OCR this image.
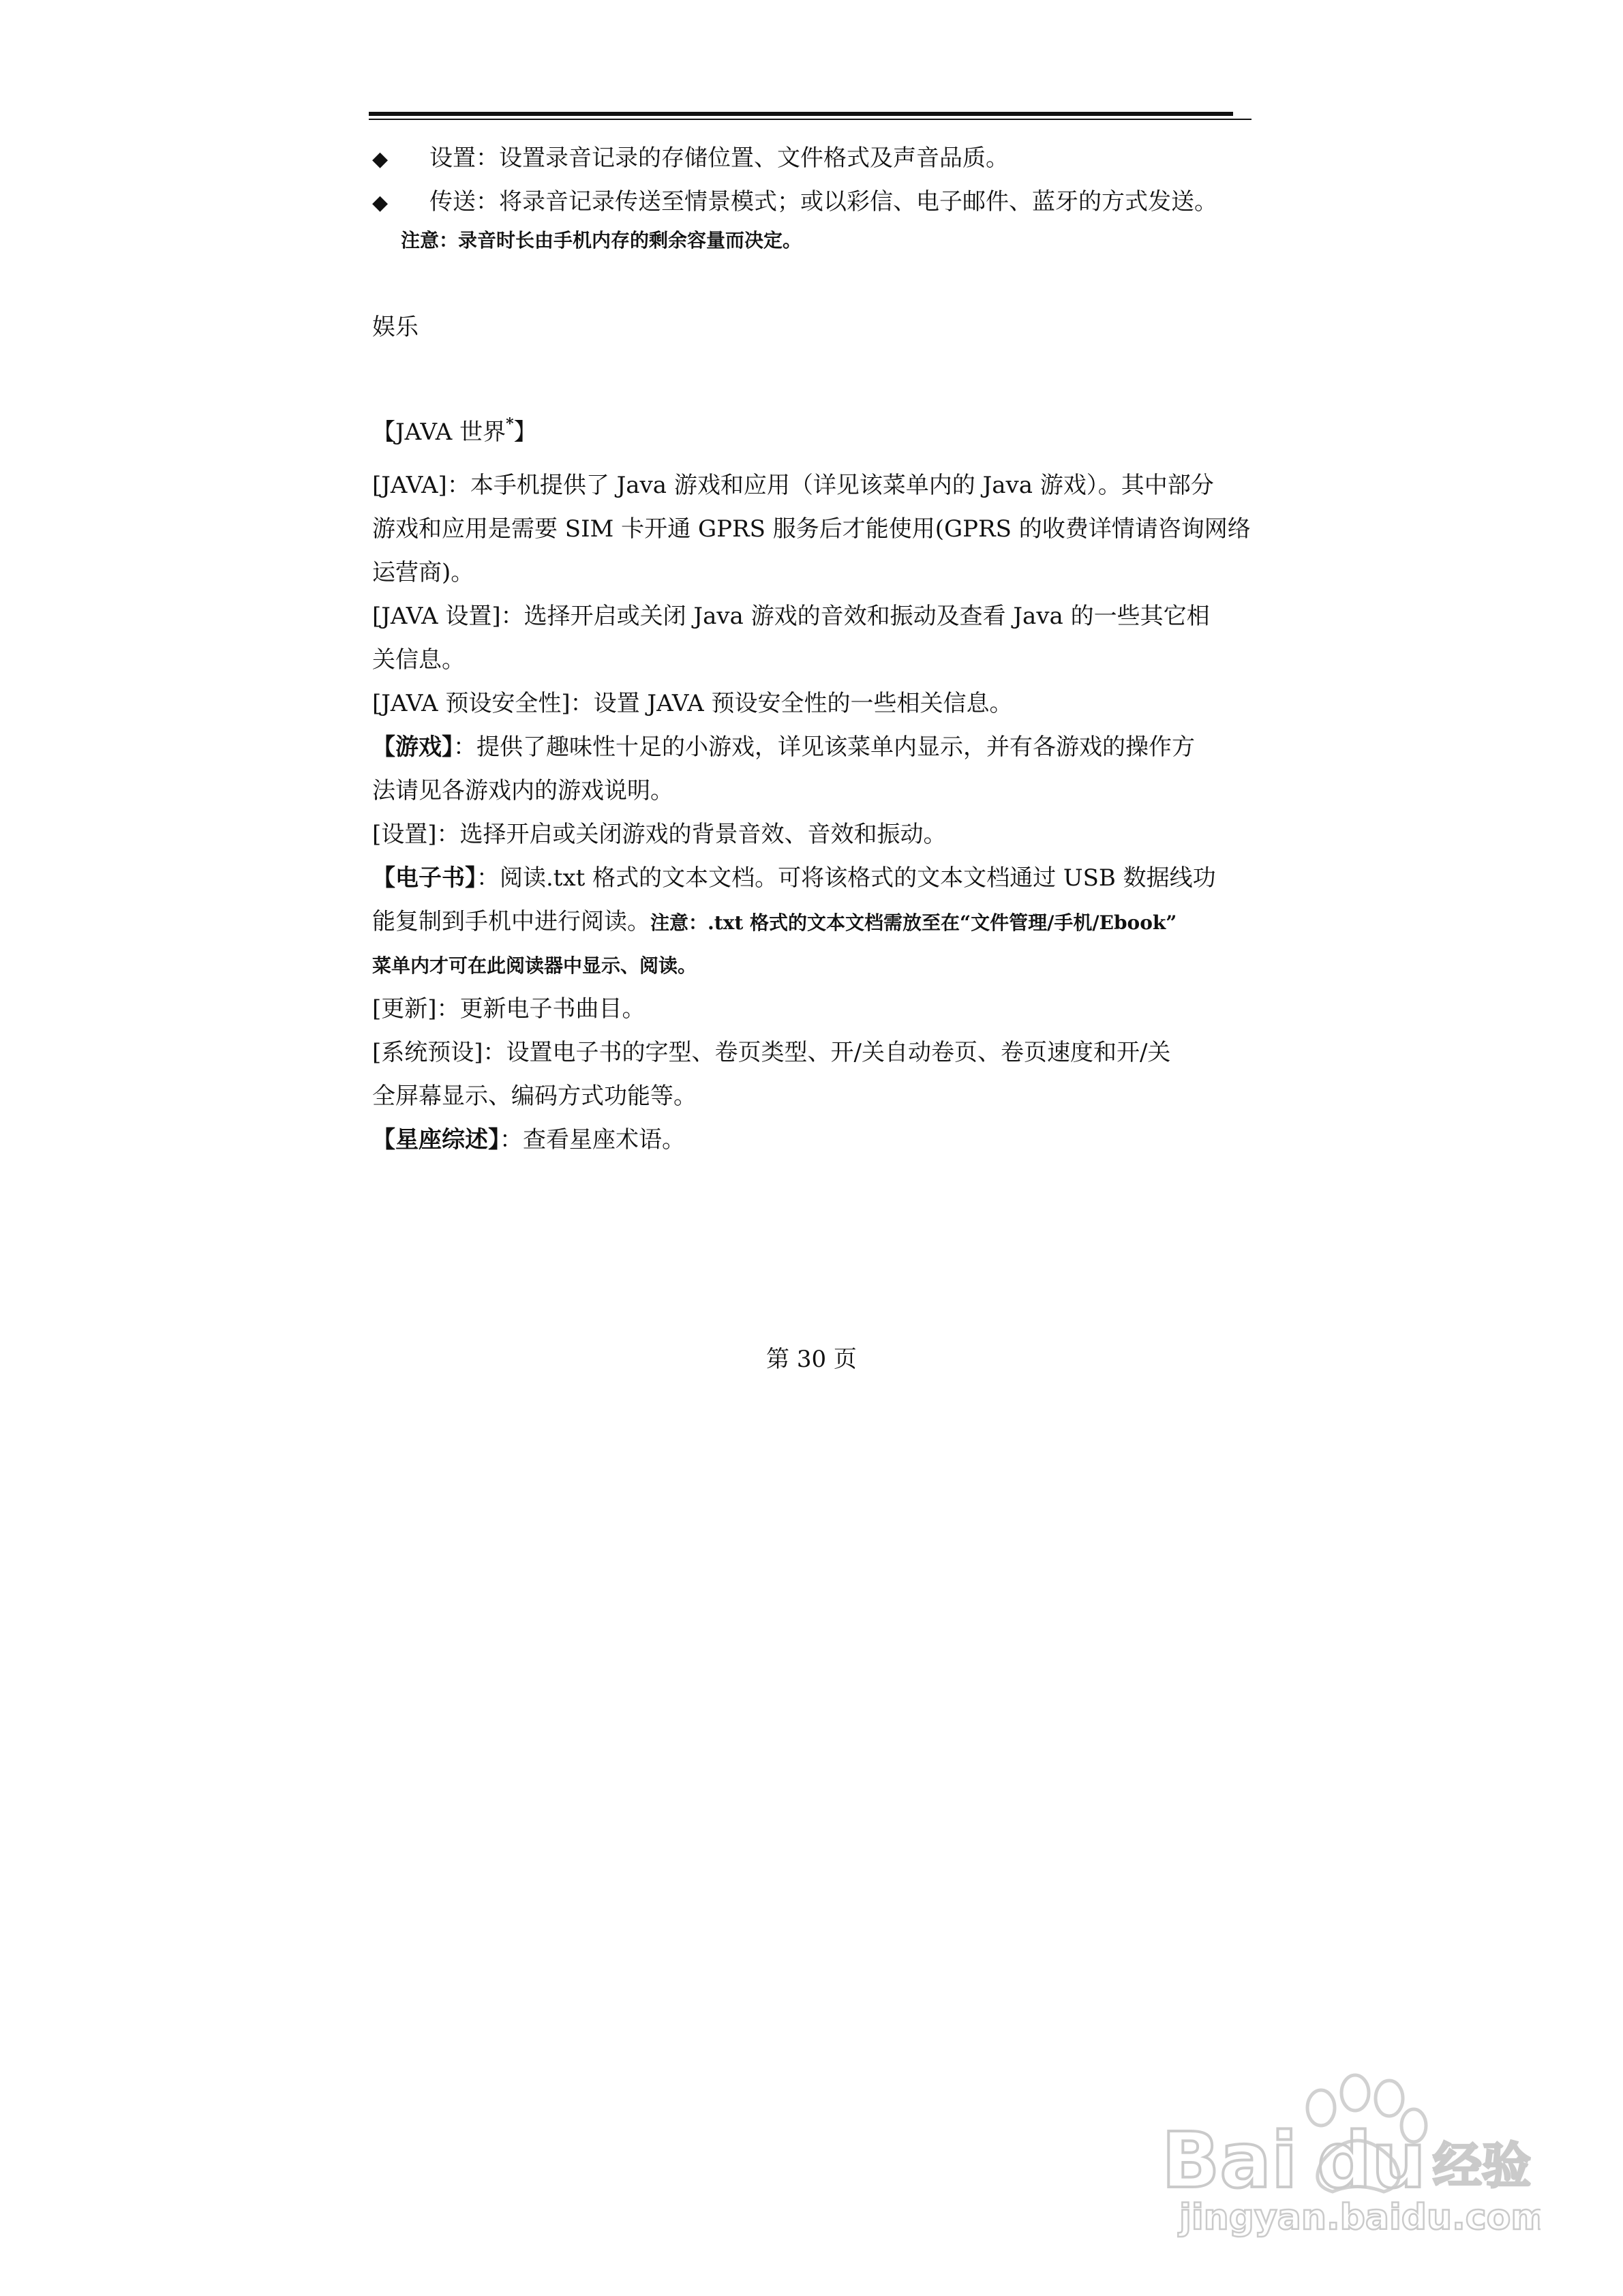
◆	设置：设置录音记录的存储位置、文件格式及声音品质。
◆	传送：将录音记录传送至情景模式；或以彩信、电子邮件、蓝牙的方式发送。
注意：录音时长由手机内存的剩余容量而决定。
娱乐
【JAVA 世界*】
[JAVA]：本手机提供了 Java 游戏和应用（详见该菜单内的 Java 游戏）。其中部分
游戏和应用是需要 SIM 卡开通 GPRS 服务后才能使用(GPRS 的收费详情请咨询网络
运营商)。
[JAVA 设置]：选择开启或关闭 Java 游戏的音效和振动及查看 Java 的一些其它相
关信息。
[JAVA 预设安全性]：设置 JAVA 预设安全性的一些相关信息。
【游戏】：提供了趣味性十足的小游戏，详见该菜单内显示，并有各游戏的操作方
法请见各游戏内的游戏说明。
[设置]：选择开启或关闭游戏的背景音效、音效和振动。
【电子书】：阅读.txt 格式的文本文档。可将该格式的文本文档通过 USB 数据线功
能复制到手机中进行阅读。注意：.txt 格式的文本文档需放至在“文件管理/手机/Ebook”
菜单内才可在此阅读器中显示、阅读。
[更新]：更新电子书曲目。
[系统预设]：设置电子书的字型、卷页类型、开/关自动卷页、卷页速度和开/关
全屏幕显示、编码方式功能等。
【星座综述】：查看星座术语。
第 30 页
Bai du 经验
jingyan.baidu.com
